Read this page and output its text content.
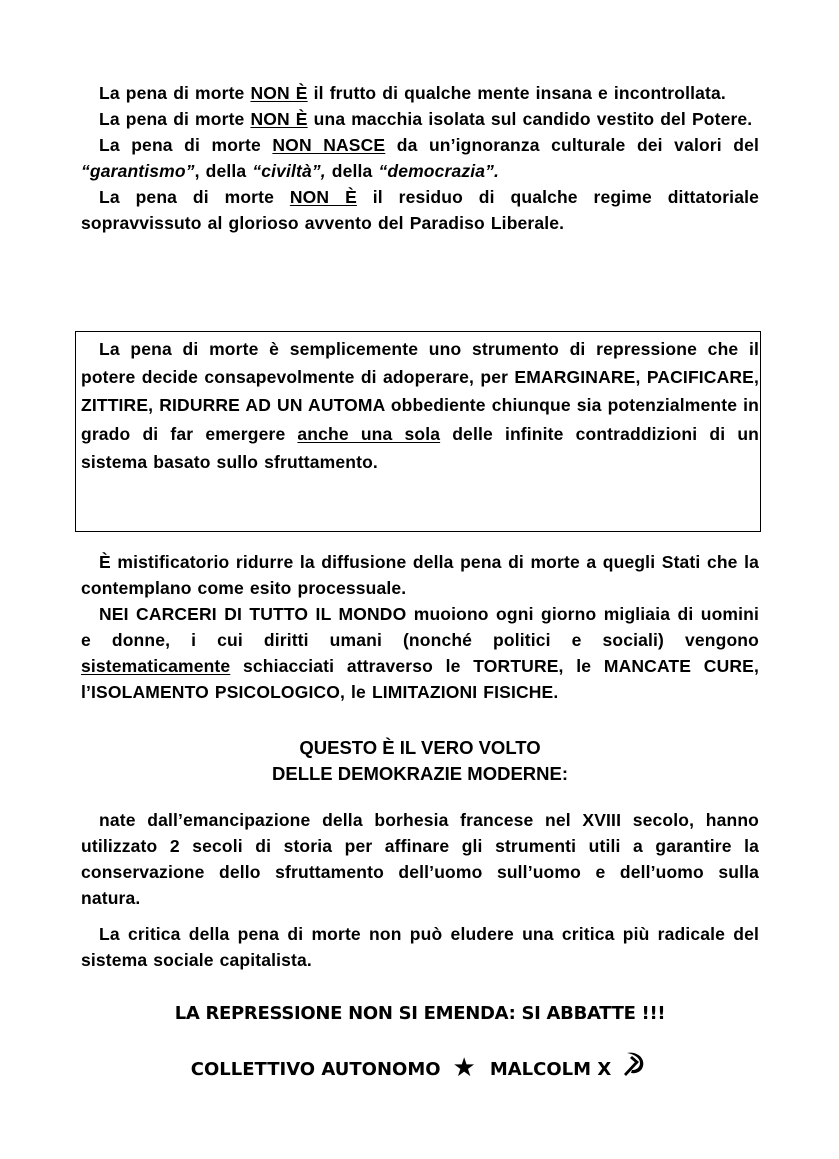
La pena di morte NON È il frutto di qualche mente insana e incontrollata.

La pena di morte NON È una macchia isolata sul candido vestito del Potere.

La pena di morte NON NASCE da un’ignoranza culturale dei valori del “garantismo”, della “civiltà”, della “democrazia”.

La pena di morte NON È il residuo di qualche regime dittatoriale sopravvissuto al glorioso avvento del Paradiso Liberale.

La pena di morte è semplicemente uno strumento di repressione che il potere decide consapevolmente di adoperare, per EMARGINARE, PACIFICARE, ZITTIRE, RIDURRE AD UN AUTOMA obbediente chiunque sia potenzialmente in grado di far emergere anche una sola delle infinite contraddizioni di un sistema basato sullo sfruttamento.

È mistificatorio ridurre la diffusione della pena di morte a quegli Stati che la contemplano come esito processuale.

NEI CARCERI DI TUTTO IL MONDO muoiono ogni giorno migliaia di uomini e donne, i cui diritti umani (nonché politici e sociali) vengono sistematicamente schiacciati attraverso le TORTURE, le MANCATE CURE, l’ISOLAMENTO PSICOLOGICO, le LIMITAZIONI FISICHE.

QUESTO È IL VERO VOLTO
DELLE DEMOKRAZIE MODERNE:

nate dall’emancipazione della borhesia francese nel XVIII secolo, hanno utilizzato 2 secoli di storia per affinare gli strumenti utili a garantire la conservazione dello sfruttamento dell’uomo sull’uomo e dell’uomo sulla natura.

La critica della pena di morte non può eludere una critica più radicale del sistema sociale capitalista.

LA REPRESSIONE NON SI EMENDA: SI ABBATTE !!!
COLLETTIVO AUTONOMO ★ MALCOLM X
